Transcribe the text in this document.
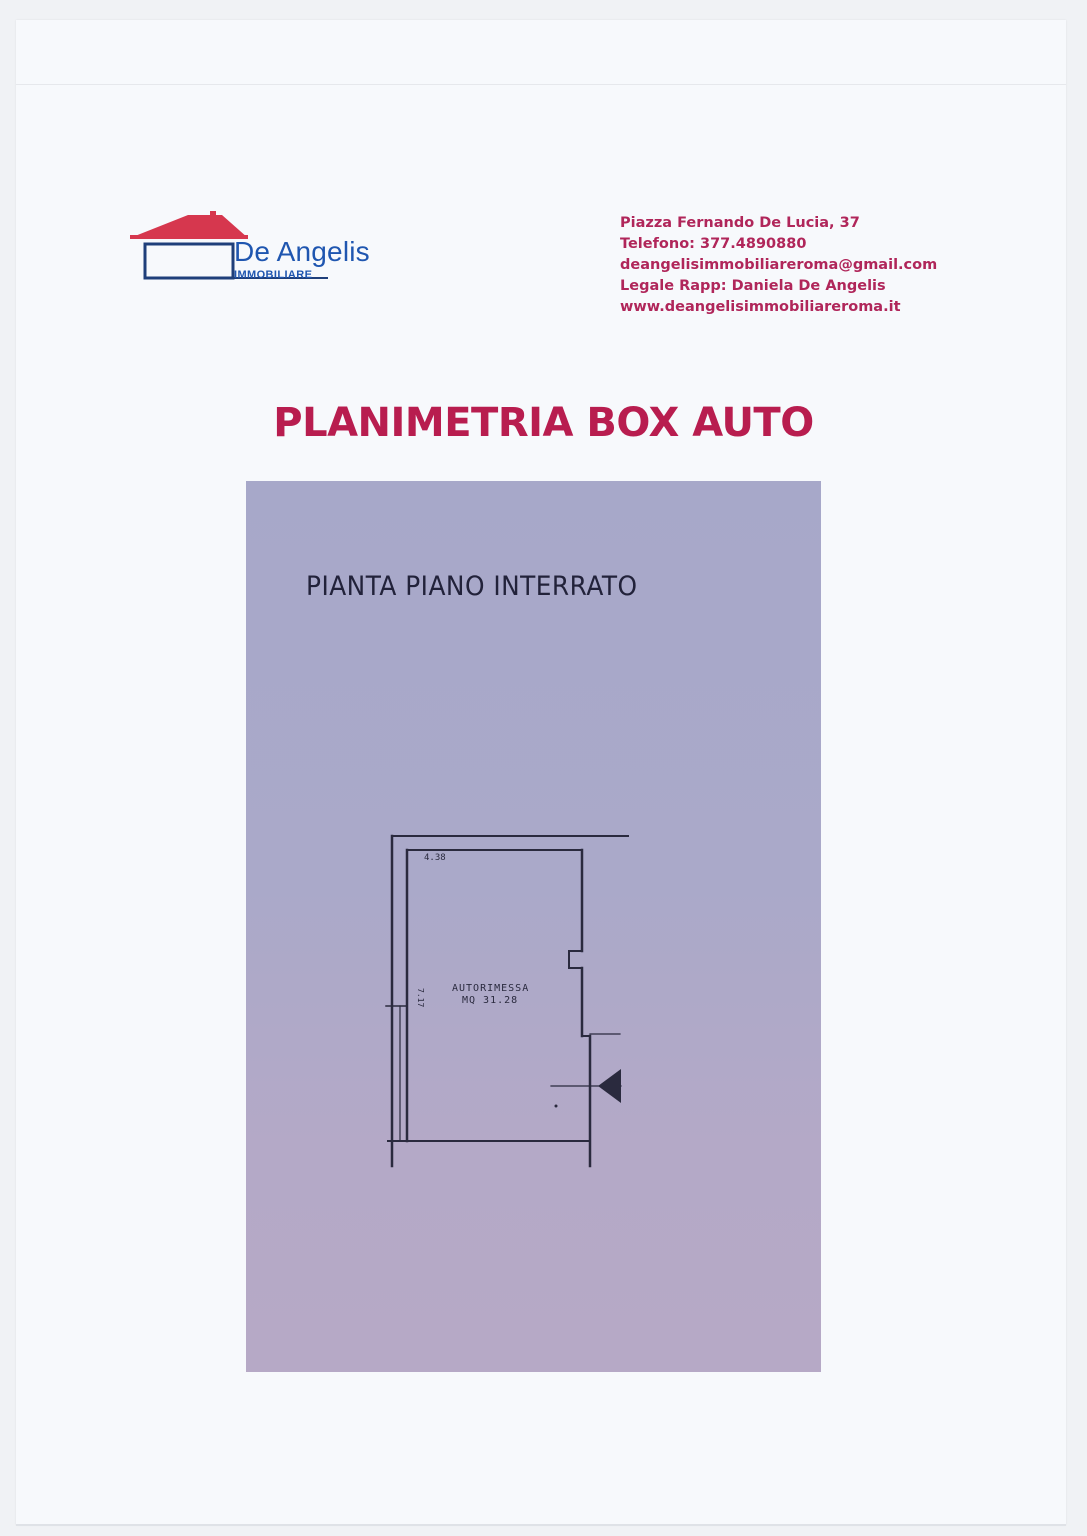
De Angelis
IMMOBILIARE
Piazza Fernando De Lucia, 37
Telefono: 377.4890880
deangelisimmobiliareroma@gmail.com
Legale Rapp: Daniela De Angelis
www.deangelisimmobiliareroma.it
PLANIMETRIA BOX AUTO
PIANTA PIANO INTERRATO
4.38
7.17	AUTORIMESSA
MQ 31.28
